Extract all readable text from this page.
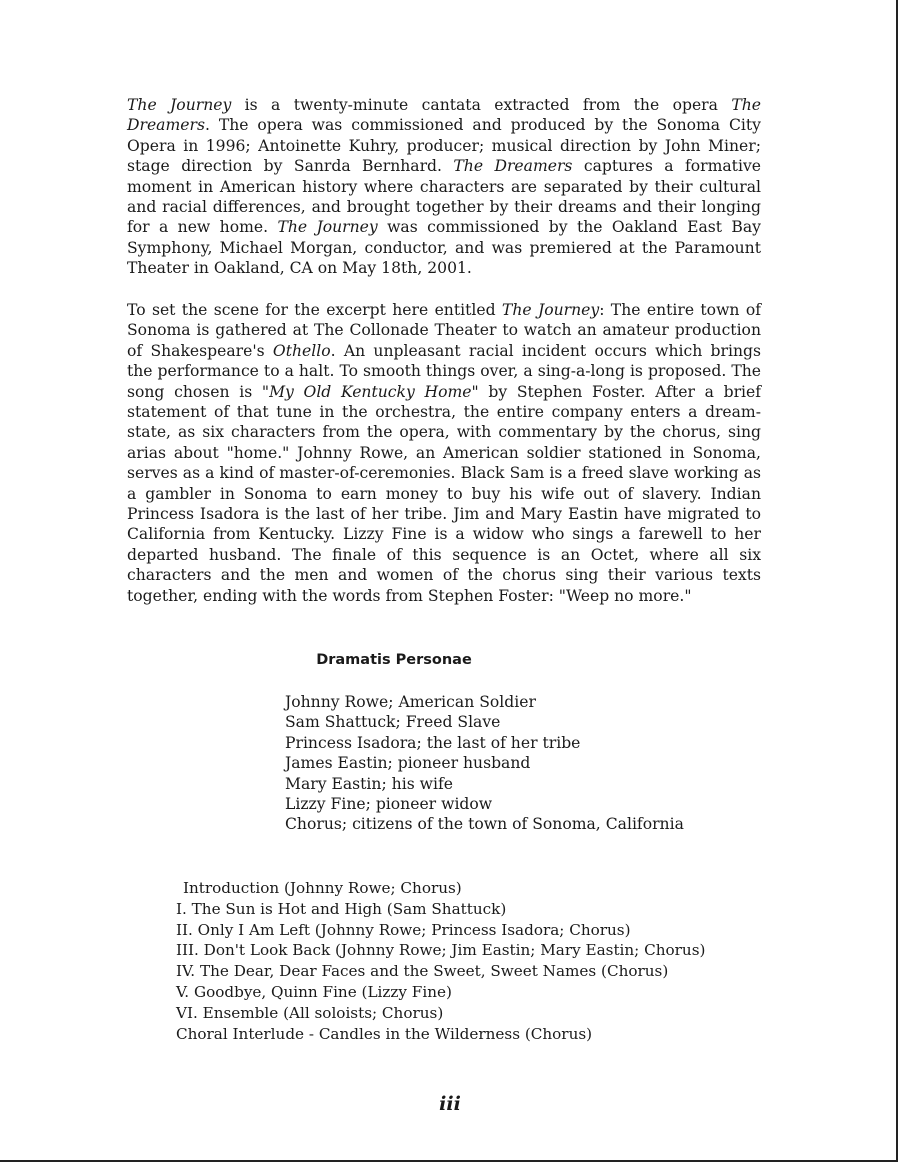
The Journey is a twenty-minute cantata extracted from the opera The Dreamers. The opera was commissioned and produced by the Sonoma City Opera in 1996; Antoinette Kuhry, producer; musical direction by John Miner; stage direction by Sanrda Bernhard. The Dreamers captures a formative moment in American history where characters are separated by their cultural and racial differences, and brought together by their dreams and their longing for a new home. The Journey was commissioned by the Oakland East Bay Symphony, Michael Morgan, conductor, and was premiered at the Paramount Theater in Oakland, CA on May 18th, 2001.

To set the scene for the excerpt here entitled The Journey: The entire town of Sonoma is gathered at The Collonade Theater to watch an amateur production of Shakespeare's Othello. An unpleasant racial incident occurs which brings the performance to a halt. To smooth things over, a sing-a-long is proposed. The song chosen is "My Old Kentucky Home" by Stephen Foster. After a brief statement of that tune in the orchestra, the entire company enters a dream-state, as six characters from the opera, with commentary by the chorus, sing arias about "home." Johnny Rowe, an American soldier stationed in Sonoma, serves as a kind of master-of-ceremonies. Black Sam is a freed slave working as a gambler in Sonoma to earn money to buy his wife out of slavery. Indian Princess Isadora is the last of her tribe. Jim and Mary Eastin have migrated to California from Kentucky. Lizzy Fine is a widow who sings a farewell to her departed husband. The finale of this sequence is an Octet, where all six characters and the men and women of the chorus sing their various texts together, ending with the words from Stephen Foster: "Weep no more."

Dramatis Personae
Johnny Rowe; American Soldier
Sam Shattuck; Freed Slave
Princess Isadora; the last of her tribe
James Eastin; pioneer husband
Mary Eastin; his wife
Lizzy Fine; pioneer widow
Chorus; citizens of the town of Sonoma, California
Introduction (Johnny Rowe; Chorus)
I. The Sun is Hot and High (Sam Shattuck)
II. Only I Am Left (Johnny Rowe; Princess Isadora; Chorus)
III. Don't Look Back (Johnny Rowe; Jim Eastin; Mary Eastin; Chorus)
IV. The Dear, Dear Faces and the Sweet, Sweet Names (Chorus)
V. Goodbye, Quinn Fine (Lizzy Fine)
VI. Ensemble (All soloists; Chorus)
Choral Interlude - Candles in the Wilderness (Chorus)
iii
